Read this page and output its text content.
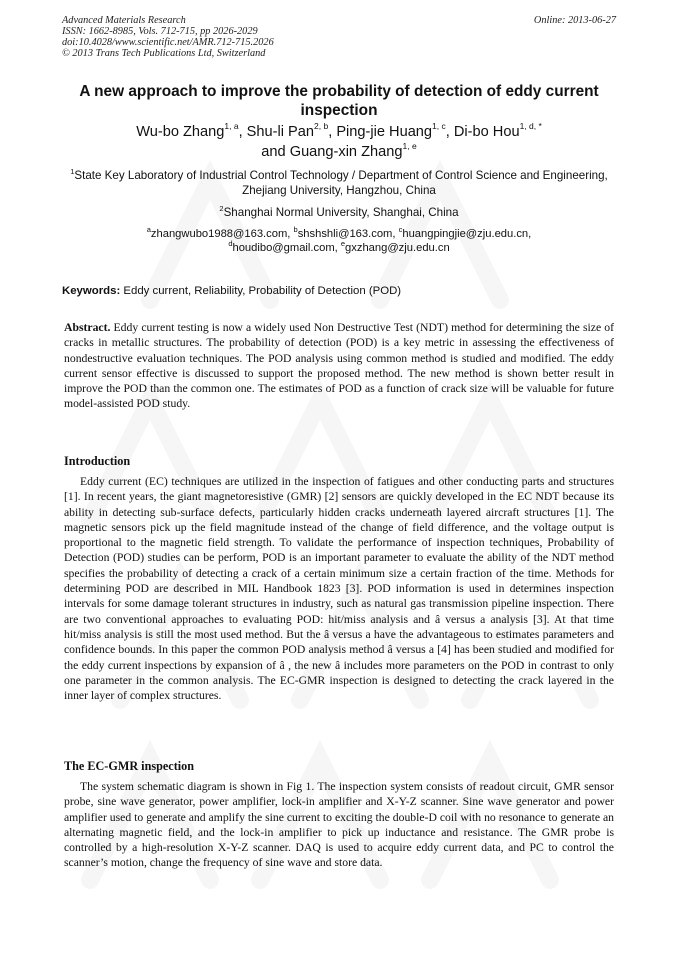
Advanced Materials Research
ISSN: 1662-8985, Vols. 712-715, pp 2026-2029
doi:10.4028/www.scientific.net/AMR.712-715.2026
© 2013 Trans Tech Publications Ltd, Switzerland
Online: 2013-06-27
A new approach to improve the probability of detection of eddy current inspection
Wu-bo Zhang$^{1, a}$, Shu-li Pan$^{2, b}$, Ping-jie Huang$^{1, c}$, Di-bo Hou$^{1, d, *}$
and Guang-xin Zhang$^{1, e}$
$^1$State Key Laboratory of Industrial Control Technology / Department of Control Science and Engineering, Zhejiang University, Hangzhou, China
$^2$Shanghai Normal University, Shanghai, China
$^a$zhangwubo1988@163.com, $^b$shshshli@163.com, $^c$huangpingjie@zju.edu.cn,
$^d$houdibo@gmail.com, $^e$gxzhang@zju.edu.cn
Keywords: Eddy current, Reliability, Probability of Detection (POD)
Abstract. Eddy current testing is now a widely used Non Destructive Test (NDT) method for determining the size of cracks in metallic structures. The probability of detection (POD) is a key metric in assessing the effectiveness of nondestructive evaluation techniques. The POD analysis using common method is studied and modified. The eddy current sensor effective is discussed to support the proposed method. The new method is shown better result in improve the POD than the common one. The estimates of POD as a function of crack size will be valuable for future model-assisted POD study.
Introduction
Eddy current (EC) techniques are utilized in the inspection of fatigues and other conducting parts and structures [1]. In recent years, the giant magnetoresistive (GMR) [2] sensors are quickly developed in the EC NDT because its ability in detecting sub-surface defects, particularly hidden cracks underneath layered aircraft structures [1]. The magnetic sensors pick up the field magnitude instead of the change of field difference, and the voltage output is proportional to the magnetic field strength. To validate the performance of inspection techniques, Probability of Detection (POD) studies can be perform, POD is an important parameter to evaluate the ability of the NDT method specifies the probability of detecting a crack of a certain minimum size a certain fraction of the time. Methods for determining POD are described in MIL Handbook 1823 [3]. POD information is used in determines inspection intervals for some damage tolerant structures in industry, such as natural gas transmission pipeline inspection. There are two conventional approaches to evaluating POD: hit/miss analysis and â versus a analysis [3]. At that time hit/miss analysis is still the most used method. But the â versus a have the advantageous to estimates parameters and confidence bounds. In this paper the common POD analysis method â versus a [4] has been studied and modified for the eddy current inspections by expansion of â , the new â includes more parameters on the POD in contrast to only one parameter in the common analysis. The EC-GMR inspection is designed to detecting the crack layered in the inner layer of complex structures.
The EC-GMR inspection
The system schematic diagram is shown in Fig 1. The inspection system consists of readout circuit, GMR sensor probe, sine wave generator, power amplifier, lock-in amplifier and X-Y-Z scanner. Sine wave generator and power amplifier used to generate and amplify the sine current to exciting the double-D coil with no resonance to generate an alternating magnetic field, and the lock-in amplifier to pick up inductance and resistance. The GMR probe is controlled by a high-resolution X-Y-Z scanner. DAQ is used to acquire eddy current data, and PC to control the scanner’s motion, change the frequency of sine wave and store data.
